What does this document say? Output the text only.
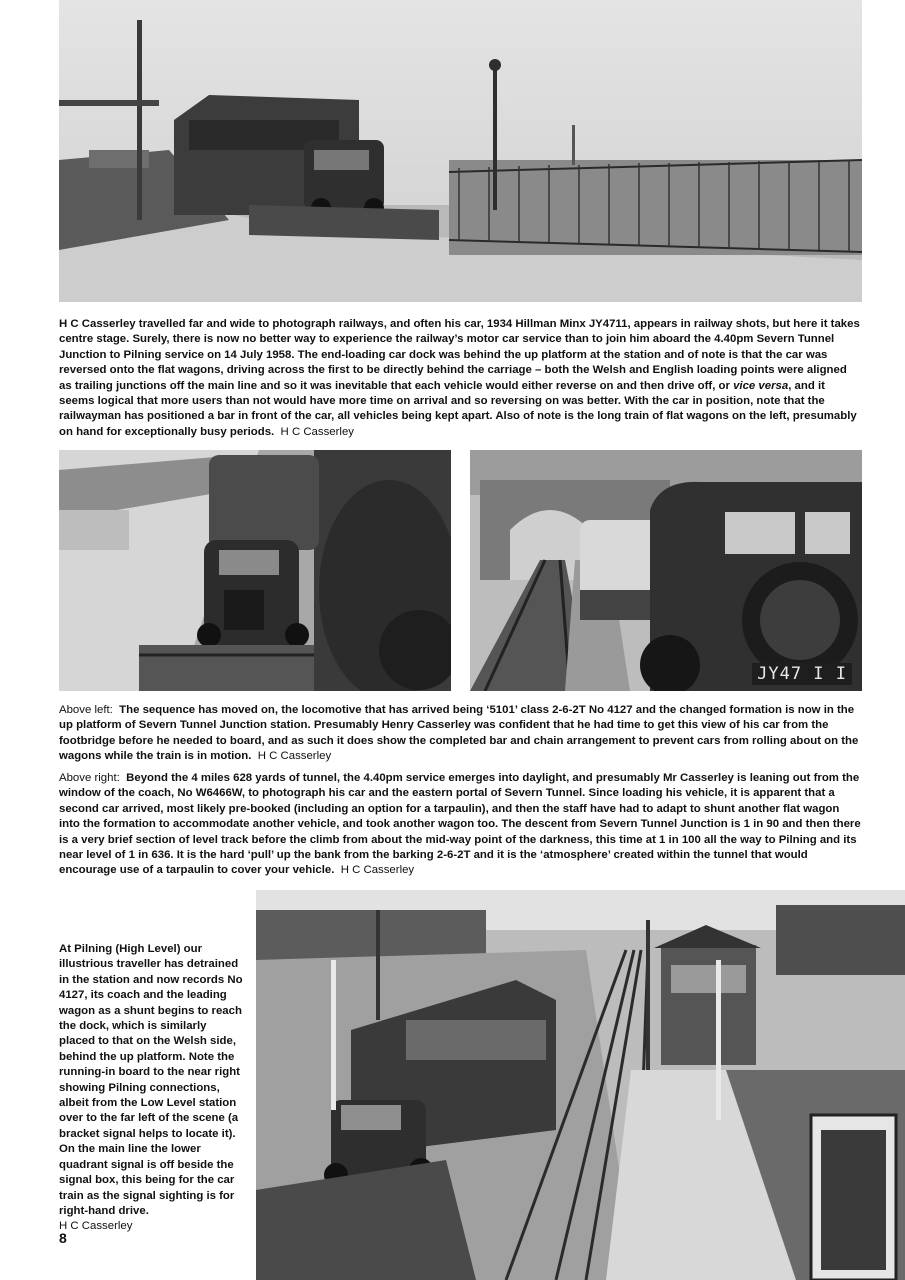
H C Casserley travelled far and wide to photograph railways, and often his car, 1934 Hillman Minx JY4711, appears in railway shots, but here it takes centre stage. Surely, there is now no better way to experience the railway’s motor car service than to join him aboard the 4.40pm Severn Tunnel Junction to Pilning service on 14 July 1958. The end-loading car dock was behind the up platform at the station and of note is that the car was reversed onto the flat wagons, driving across the first to be directly behind the carriage – both the Welsh and English loading points were aligned as trailing junctions off the main line and so it was inevitable that each vehicle would either reverse on and then drive off, or vice versa, and it seems logical that more users than not would have more time on arrival and so reversing on was better. With the car in position, note that the railwayman has positioned a bar in front of the car, all vehicles being kept apart. Also of note is the long train of flat wagons on the left, presumably on hand for exceptionally busy periods. H C Casserley
JY47 I I
Above left: The sequence has moved on, the locomotive that has arrived being ‘5101’ class 2-6-2T No 4127 and the changed formation is now in the up platform of Severn Tunnel Junction station. Presumably Henry Casserley was confident that he had time to get this view of his car from the footbridge before he needed to board, and as such it does show the completed bar and chain arrangement to prevent cars from rolling about on the wagons while the train is in motion. H C Casserley
Above right: Beyond the 4 miles 628 yards of tunnel, the 4.40pm service emerges into daylight, and presumably Mr Casserley is leaning out from the window of the coach, No W6466W, to photograph his car and the eastern portal of Severn Tunnel. Since loading his vehicle, it is apparent that a second car arrived, most likely pre-booked (including an option for a tarpaulin), and then the staff have had to adapt to shunt another flat wagon into the formation to accommodate another vehicle, and took another wagon too. The descent from Severn Tunnel Junction is 1 in 90 and then there is a very brief section of level track before the climb from about the mid-way point of the darkness, this time at 1 in 100 all the way to Pilning and its near level of 1 in 636. It is the hard ‘pull’ up the bank from the barking 2-6-2T and it is the ‘atmosphere’ created within the tunnel that would encourage use of a tarpaulin to cover your vehicle. H C Casserley
At Pilning (High Level) our illustrious traveller has detrained in the station and now records No 4127, its coach and the leading wagon as a shunt begins to reach the dock, which is similarly placed to that on the Welsh side, behind the up platform. Note the running-in board to the near right showing Pilning connections, albeit from the Low Level station over to the far left of the scene (a bracket signal helps to locate it). On the main line the lower quadrant signal is off beside the signal box, this being for the car train as the signal sighting is for right-hand drive.
H C Casserley
8
